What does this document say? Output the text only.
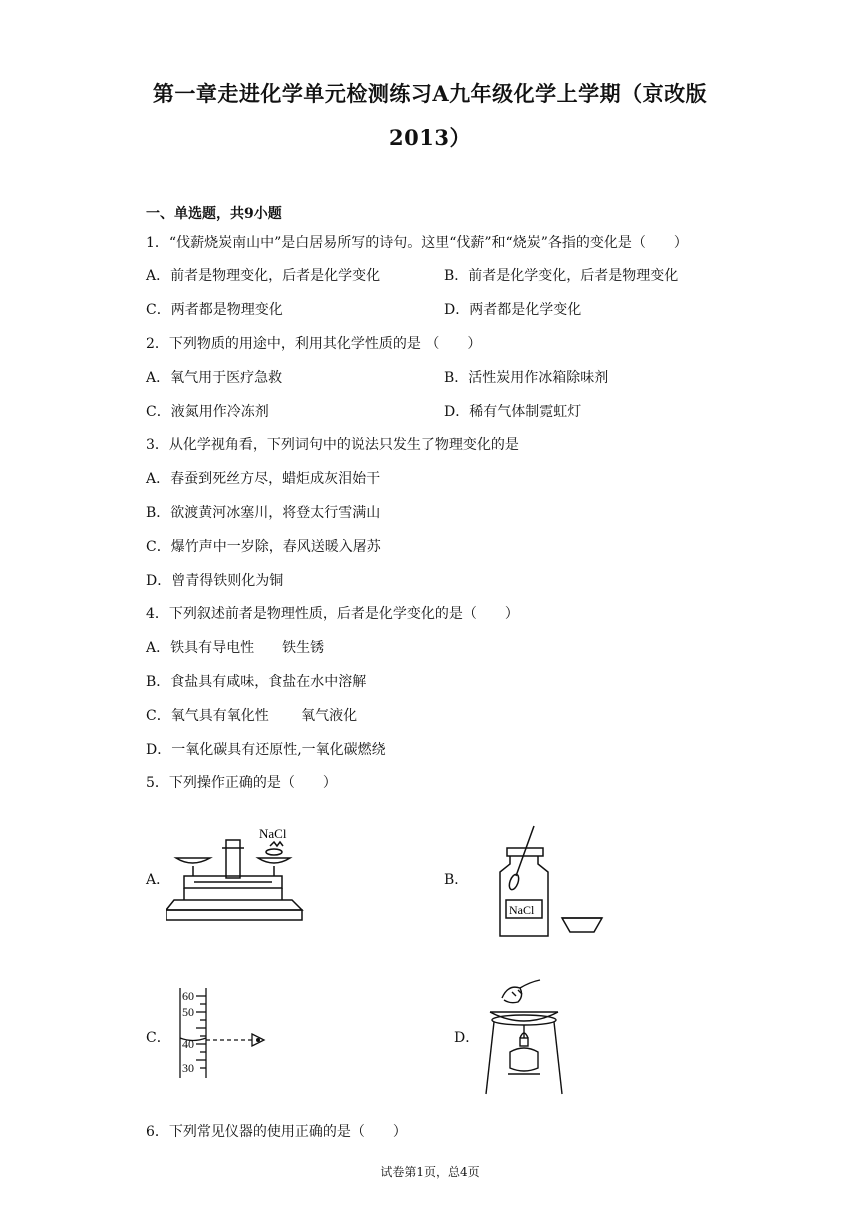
第一章走进化学单元检测练习A九年级化学上学期（京改版
2013）
一、单选题，共9小题
1．“伐薪烧炭南山中”是白居易所写的诗句。这里“伐薪”和“烧炭”各指的变化是（　　）
A．前者是物理变化，后者是化学变化	B．前者是化学变化，后者是物理变化
C．两者都是物理变化	D．两者都是化学变化
2．下列物质的用途中，利用其化学性质的是 （　　）
A．氧气用于医疗急救	B．活性炭用作冰箱除味剂
C．液氮用作冷冻剂	D．稀有气体制霓虹灯
3．从化学视角看，下列词句中的说法只发生了物理变化的是
A．春蚕到死丝方尽，蜡炬成灰泪始干
B．欲渡黄河冰塞川，将登太行雪满山
C．爆竹声中一岁除，春风送暖入屠苏
D．曾青得铁则化为铜
4．下列叙述前者是物理性质，后者是化学变化的是（　　）
A．铁具有导电性　　铁生锈
B．食盐具有咸味，食盐在水中溶解
C．氧气具有氧化性　　 氧气液化
D．一氧化碳具有还原性,一氧化碳燃绕
5．下列操作正确的是（　　）
A．	B．
C．	D．
NaCl
NaCl
60
50
40
30
6．下列常见仪器的使用正确的是（　　）
试卷第1页，总4页
